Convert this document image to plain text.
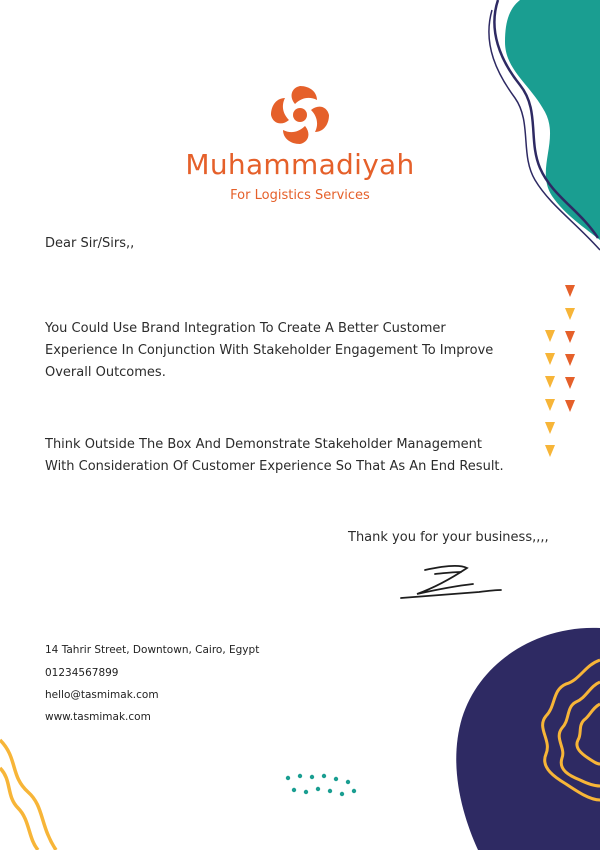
Muhammadiyah
For Logistics Services
Dear Sir/Sirs,,
You Could Use Brand Integration To Create A Better Customer Experience In Conjunction With Stakeholder Engagement To Improve Overall Outcomes.
Think Outside The Box And Demonstrate Stakeholder Management With Consideration Of Customer Experience So That As An End Result.
Thank you for your business,,,,
14 Tahrir Street, Downtown, Cairo, Egypt
01234567899
hello@tasmimak.com
www.tasmimak.com
